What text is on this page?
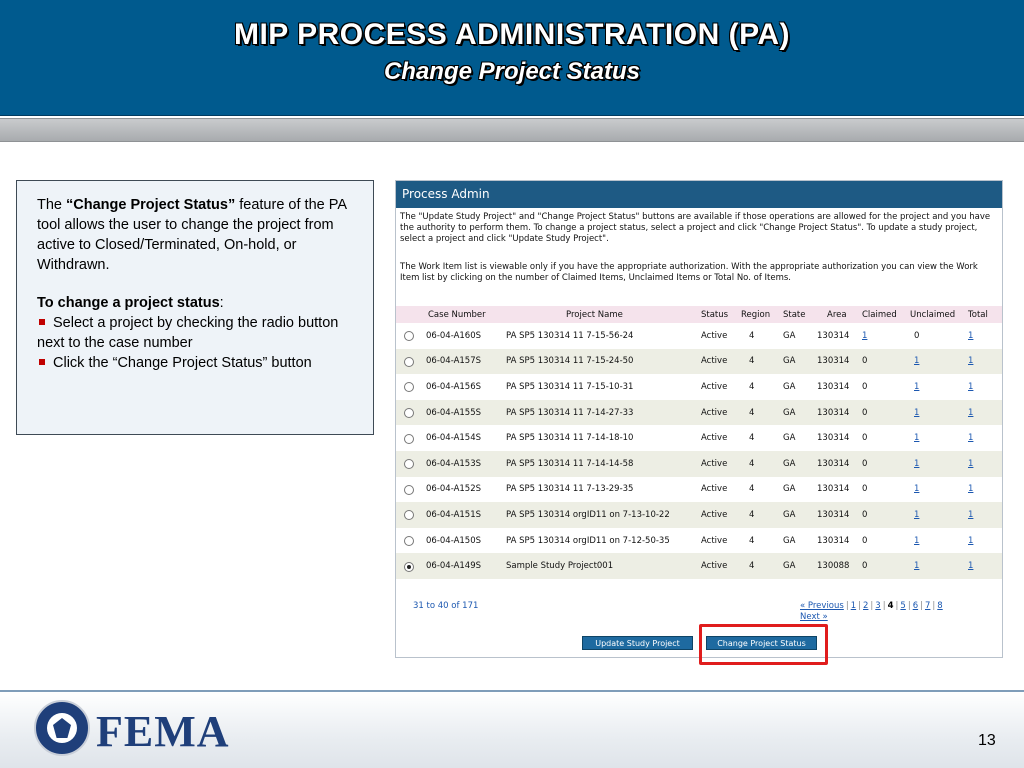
MIP PROCESS ADMINISTRATION (PA)
Change Project Status

The “Change Project Status” feature of the PA tool allows the user to change the project from active to Closed/Terminated, On-hold, or Withdrawn.

To change a project status:

Select a project by checking the radio button next to the case number

Click the “Change Project Status” button

Process Admin
The "Update Study Project" and "Change Project Status" buttons are available if those operations are allowed for the project and you have the authority to perform them. To change a project status, select a project and click "Change Project Status". To update a study project, select a project and click "Update Study Project".
The Work Item list is viewable only if you have the appropriate authorization. With the appropriate authorization you can view the Work Item list by clicking on the number of Claimed Items, Unclaimed Items or Total No. of Items.
	Case Number	Project Name	Status	Region	State	Area	Claimed	Unclaimed	Total
	06-04-A160S	PA SP5 130314 11 7-15-56-24	Active	4	GA	130314	1	0	1
	06-04-A157S	PA SP5 130314 11 7-15-24-50	Active	4	GA	130314	0	1	1
	06-04-A156S	PA SP5 130314 11 7-15-10-31	Active	4	GA	130314	0	1	1
	06-04-A155S	PA SP5 130314 11 7-14-27-33	Active	4	GA	130314	0	1	1
	06-04-A154S	PA SP5 130314 11 7-14-18-10	Active	4	GA	130314	0	1	1
	06-04-A153S	PA SP5 130314 11 7-14-14-58	Active	4	GA	130314	0	1	1
	06-04-A152S	PA SP5 130314 11 7-13-29-35	Active	4	GA	130314	0	1	1
	06-04-A151S	PA SP5 130314 orgID11 on 7-13-10-22	Active	4	GA	130314	0	1	1
	06-04-A150S	PA SP5 130314 orgID11 on 7-12-50-35	Active	4	GA	130314	0	1	1
	06-04-A149S	Sample Study Project001	Active	4	GA	130088	0	1	1
31 to 40 of 171	« Previous | 1 | 2 | 3 | 4 | 5 | 6 | 7 | 8
Next »
Update Study Project	Change Project Status
FEMA	13
